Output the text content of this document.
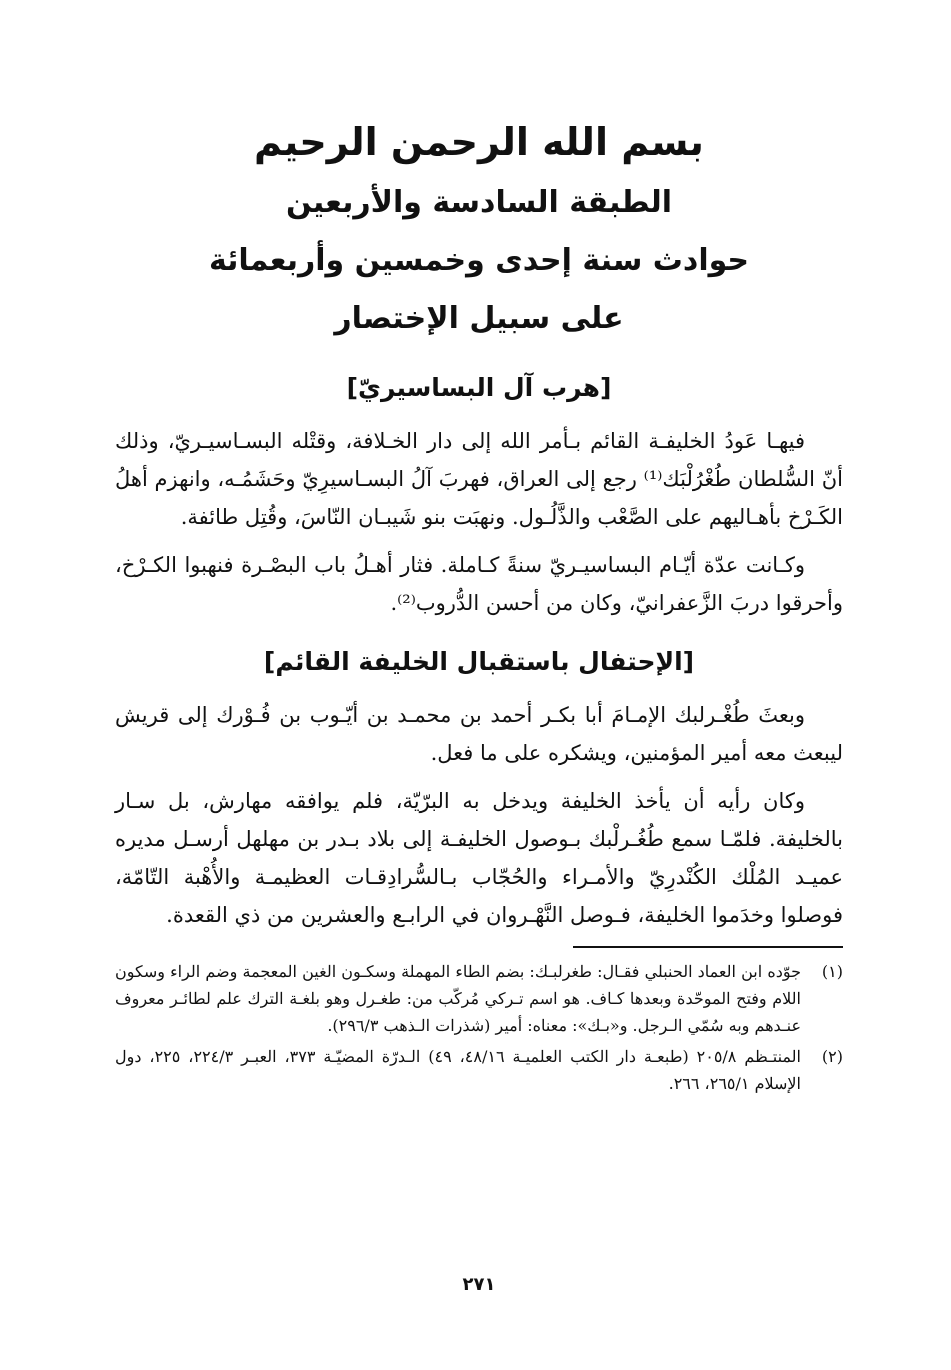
بسم الله الرحمن الرحيم
الطبقة السادسة والأربعين
حوادث سنة إحدى وخمسين وأربعمائة
على سبيل الإختصار
[هرب آل البساسيريّ]

فيهـا عَودُ الخليفـة القائم بـأمر الله إلى دار الخـلافة، وقتْله البسـاسيـريّ، وذلك أنّ السُّلطان طُغْرُلْبَك⁽¹⁾ رجع إلى العراق، فهربَ آلُ البسـاسيرِيّ وحَشَمُـه، وانهزم أهلُ الكَـرْخ بأهـاليهم على الصَّعْب والذَّلُـول. ونهبَت بنو شَيبـان النّاسَ، وقُتِل طائفة.

وكـانت عدّة أيّـام البساسيـريّ سنةً كـاملة. فثار أهـلُ باب البصْـرة فنهبوا الكـرْخ، وأحرقوا دربَ الزَّعفرانيّ، وكان من أحسن الدُّروب⁽²⁾.

[الإحتفال باستقبال الخليفة القائم]

وبعثَ طُغْـرلبك الإمـامَ أبا بكـر أحمد بن محمـد بن أيّـوب بن فُـوْرك إلى قريش ليبعث معه أمير المؤمنين، ويشكره على ما فعل.

وكان رأيه أن يأخذ الخليفة ويدخل به البرّيّة، فلم يوافقه مهارش، بل سـار بالخليفة. فلمّـا سمع طُغُـرلْبك بـوصول الخليفـة إلى بلاد بـدر بن مهلهل أرسـل مديره عميـد المُلْك الكُنْدرِيّ والأمـراء والحُجّاب بـالسُّرادِقـات العظيمـة والأُهْبة التّامّة، فوصلوا وخدَموا الخليفة، فـوصل النَّهْـروان في الرابـع والعشرين من ذي القعدة.

(١)
جوّده ابن العماد الحنبلي فقـال: طغرلبـك: بضم الطاء المهملة وسكـون الغين المعجمة وضم الراء وسكون اللام وفتح الموحّدة وبعدها كـاف. هو اسم تـركي مُركّب من: طغـرل وهو بلغـة الترك علم لطائـر معروف عنـدهم وبه سُمّي الـرجل. و«بـك»: معناه: أمير (شذرات الـذهب ٢٩٦/٣).
(٢)
المنتـظم ٢٠٥/٨ (طبعـة دار الكتب العلميـة ٤٨/١٦، ٤٩) الـدرّة المضيّـة ٣٧٣، العبـر ٢٢٤/٣، ٢٢٥، دول الإسلام ٢٦٥/١، ٢٦٦.
٢٧١
